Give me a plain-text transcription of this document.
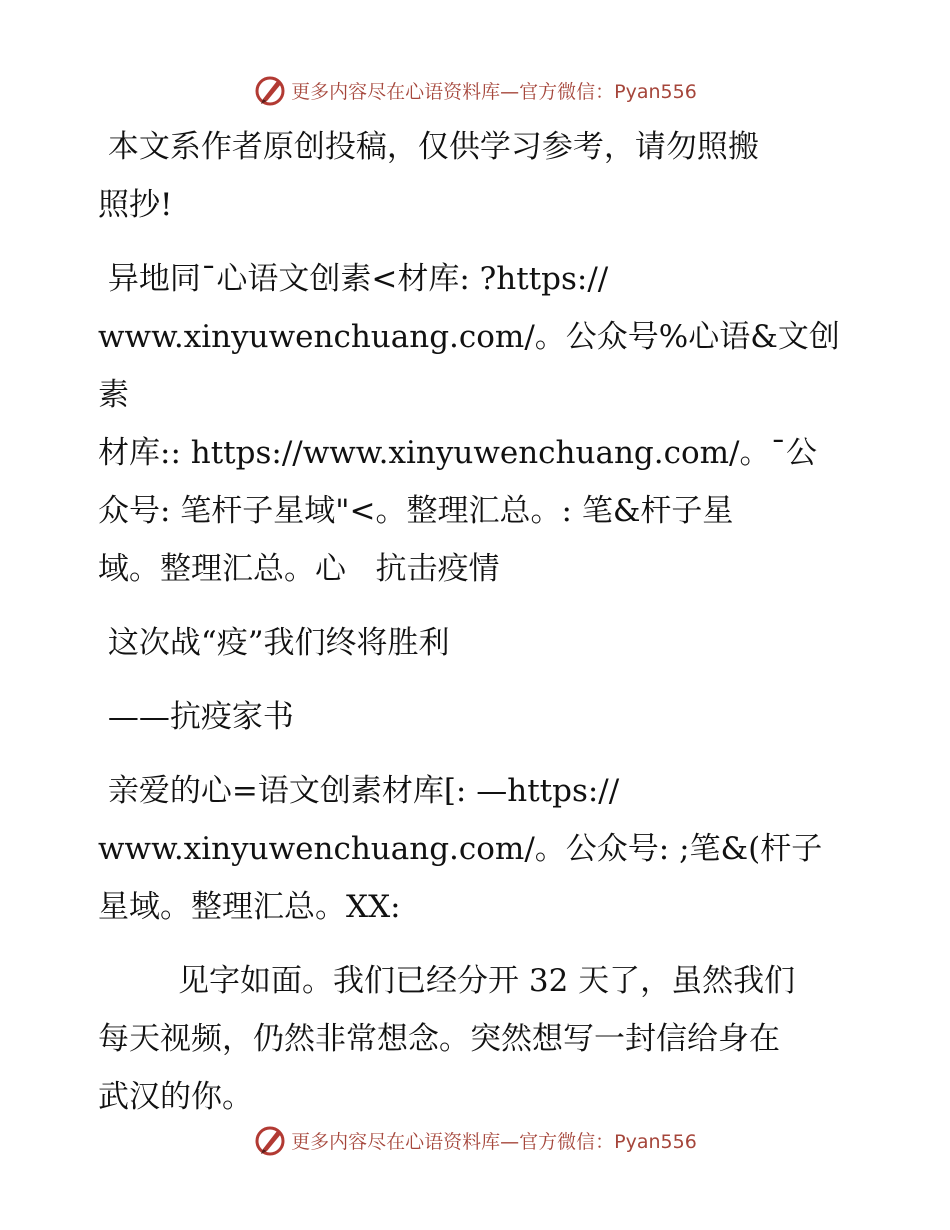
更多内容尽在心语资料库—官方微信：Pyan556

本文系作者原创投稿，仅供学习参考，请勿照搬

照抄!

异地同¯心语文创素<材库: ?https://

www.xinyuwenchuang.com/。公众号%心语&文创素

材库:: https://www.xinyuwenchuang.com/。¯公

众号: 笔杆子星域"<。整理汇总。: 笔&杆子星

域。整理汇总。心   抗击疫情

这次战“疫”我们终将胜利

——抗疫家书

亲爱的心=语文创素材库[: —https://

www.xinyuwenchuang.com/。公众号: ;笔&(杆子

星域。整理汇总。XX:

见字如面。我们已经分开 32 天了，虽然我们

每天视频，仍然非常想念。突然想写一封信给身在

武汉的你。

更多内容尽在心语资料库—官方微信：Pyan556
